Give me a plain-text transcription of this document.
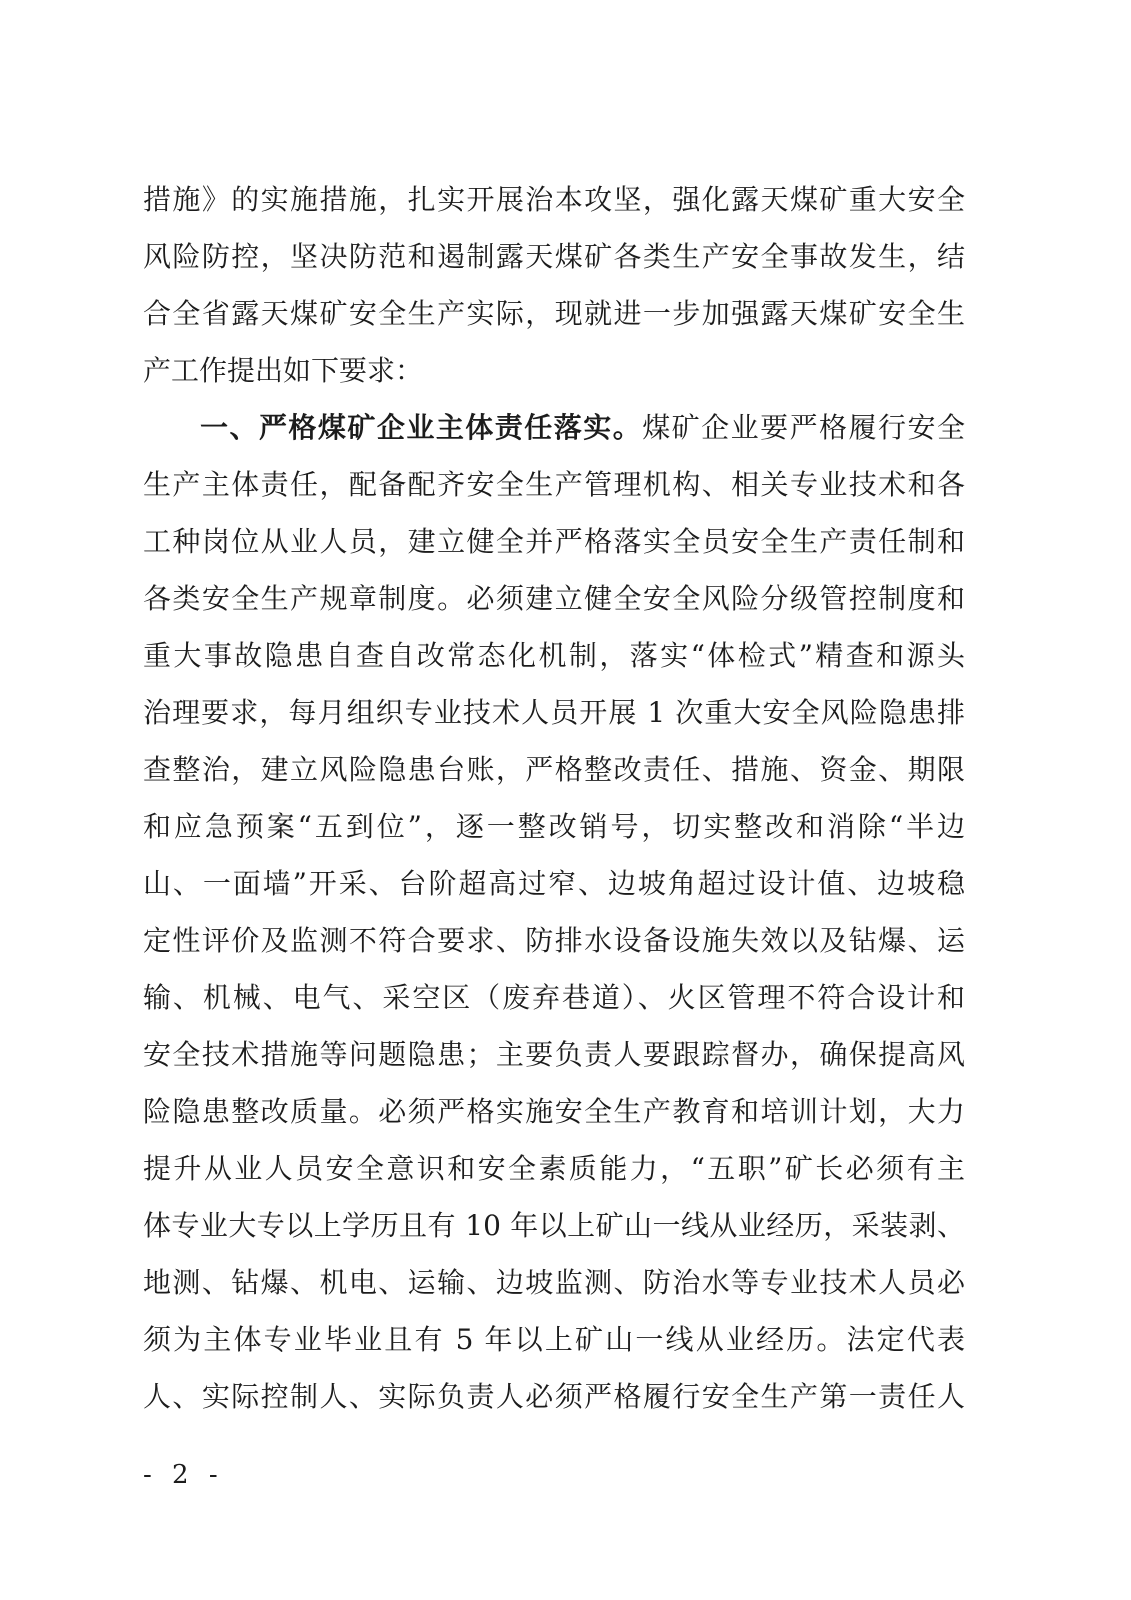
措施》的实施措施，扎实开展治本攻坚，强化露天煤矿重大安全
风险防控，坚决防范和遏制露天煤矿各类生产安全事故发生，结
合全省露天煤矿安全生产实际，现就进一步加强露天煤矿安全生
产工作提出如下要求：
一、严格煤矿企业主体责任落实。煤矿企业要严格履行安全
生产主体责任，配备配齐安全生产管理机构、相关专业技术和各
工种岗位从业人员，建立健全并严格落实全员安全生产责任制和
各类安全生产规章制度。必须建立健全安全风险分级管控制度和
重大事故隐患自查自改常态化机制，落实“体检式”精查和源头
治理要求，每月组织专业技术人员开展 1 次重大安全风险隐患排
查整治，建立风险隐患台账，严格整改责任、措施、资金、期限
和应急预案“五到位”，逐一整改销号，切实整改和消除“半边
山、一面墙”开采、台阶超高过窄、边坡角超过设计值、边坡稳
定性评价及监测不符合要求、防排水设备设施失效以及钻爆、运
输、机械、电气、采空区（废弃巷道）、火区管理不符合设计和
安全技术措施等问题隐患；主要负责人要跟踪督办，确保提高风
险隐患整改质量。必须严格实施安全生产教育和培训计划，大力
提升从业人员安全意识和安全素质能力，“五职”矿长必须有主
体专业大专以上学历且有 10 年以上矿山一线从业经历，采装剥、
地测、钻爆、机电、运输、边坡监测、防治水等专业技术人员必
须为主体专业毕业且有 5 年以上矿山一线从业经历。法定代表
人、实际控制人、实际负责人必须严格履行安全生产第一责任人
- 2 -
